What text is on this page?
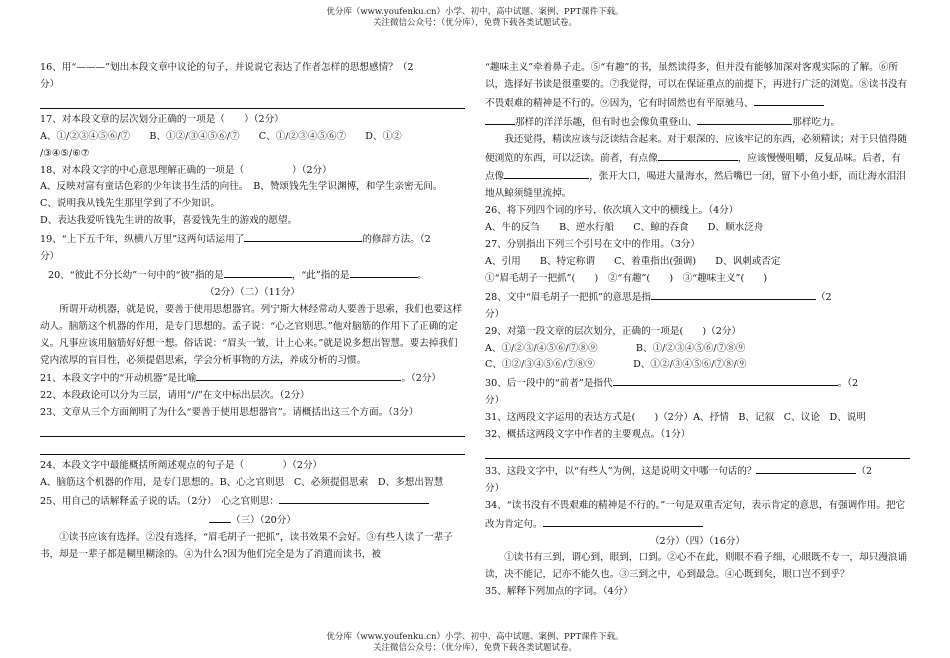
优分库（www.youfenku.cn）小学、初中、高中试题、案例、PPT课件下载。
关注微信公众号：（优分库），免费下载各类试题试卷。

16、用“———”划出本段文章中议论的句子，并说说它表达了作者怎样的思想感情？（2

分）

17、对本段文章的层次划分正确的一项是（　　）（2分）

A、①/②③④⑤⑥/⑦　　B、①②/③④⑤⑥/⑦　　C、①/②③④⑤⑥⑦　　D、①②

/③④⑤/⑥⑦

18、对本段文字的中心意思理解正确的一项是（　　　　　）（2分）

A、反映对富有童话色彩的少年读书生活的向往。　B、赞颂钱先生学识渊博，和学生亲密无间。

C、说明我从钱先生那里学到了不少知识。

D、表达我爱听钱先生讲的故事，喜爱钱先生的游戏的愿望。

19、“上下五千年，纵横八万里”这两句话运用了	的修辞方法。（2

分）

20、“彼此不分长幼”一句中的“彼”指的是	，“此”指的是	。

（2分）（二）（11分）

所谓开动机器，就是说，要善于使用思想器官。列宁斯大林经常动人要善于思索，我们也要这样动人。脑筋这个机器的作用，是专门思想的。孟子说：“心之官则思。”他对脑筋的作用下了正确的定义。凡事应该用脑筋好好想一想。俗话说：“眉头一皱，计上心来。”就是说多想出智慧。要去掉我们党内浓厚的盲目性，必须提倡思索，学会分析事物的方法，养成分析的习惯。

21、本段文字中的“开动机器”是比喻	。（2分）

22、本段政论可以分为三层，请用“//”在文中标出层次。（2分）

23、文章从三个方面阐明了为什么“要善于使用思想器官”。请概括出这三个方面。（3分）

24、本段文字中最能概括所阐述观点的句子是（　　　　）（2分）

A、脑筋这个机器的作用，是专门思想的。B、心之官则思　C、必须提倡思索　D、多想出智慧

25、用自己的话解释孟子说的话。（2分）　心之官则思：

（三）（20分）

①读书应该有选择。②没有选择，“眉毛胡子一把抓”，读书效果不会好。③有些人读了一辈子书，却是一辈子都是糊里糊涂的。④为什么?因为他们完全是为了消遣而读书，被

“趣味主义”牵着鼻子走。⑤“有趣”的书，虽然读得多，但并没有能够加深对客观实际的了解。⑥所以，选择好书读是很重要的。⑦我觉得，可以在保证重点的前提下，再进行广泛的浏览。⑧读书没有不畏艰难的精神是不行的。⑨因为，它有时固然也有平原驰马、

那样的洋洋乐趣，但有时也会像负重登山、	那样吃力。

我还觉得，精读应该与泛读结合起来。对于艰深的、应该牢记的东西，必须精读；对于只值得随便浏览的东西，可以泛读。前者，有点像	，应该慢慢咀嚼，反复品味。后者，有点像	，张开大口，喝进大量海水，然后嘴巴一闭，留下小鱼小虾，而让海水泪泪地从鲸须缝里流掉。

26、将下列四个词的序号，依次填入文中的横线上。（4分）

A、牛的反刍　　B、逆水行船　　C、鲸的吞食　　D、顺水泛舟

27、分别指出下列三个引号在文中的作用。（3分）

A、引用　　B、特定称谓　　C、着重指出(强调)　　D、讽刺或否定

①“眉毛胡子一把抓”(　　)　②“有趣”(　　)　③“趣味主义”(　　)

28、文中“眉毛胡子一把抓”的意思是指	（2

分）

29、对第一段文章的层次划分，正确的一项是(　　)（2分）

A、①/②③/④⑤⑥/⑦⑧⑨　　　　B、①/②③④⑤⑥/⑦⑧⑨

C、①②/③④⑤⑥/⑦⑧⑨　　　　D、①②/③④⑤⑥/⑦⑧/⑨

30、后一段中的“前者”是指代	。（2

分）

31、这两段文字运用的表达方式是(　　)（2分）A、抒情　B、记叙　C、议论　D、说明

32、概括这两段文字中作者的主要观点。（1分）

33、这段文字中，以“有些人”为例，这是说明文中哪一句话的？	（2

分）

34、“读书没有不畏艰难的精神是不行的。”一句是双重否定句，表示肯定的意思，有强调作用。把它改为肯定句。

（2分）（四）（16分）

①读书有三到，谓心到，眼到，口到。②心不在此，则眼不看子细，心眼既不专一，却只漫浪诵读，决不能记，记亦不能久也。③三到之中，心到最急。④心既到矣，眼口岂不到乎？

35、解释下列加点的字词。（4分）

优分库（www.youfenku.cn）小学、初中、高中试题、案例、PPT课件下载。
关注微信公众号：（优分库），免费下载各类试题试卷。
